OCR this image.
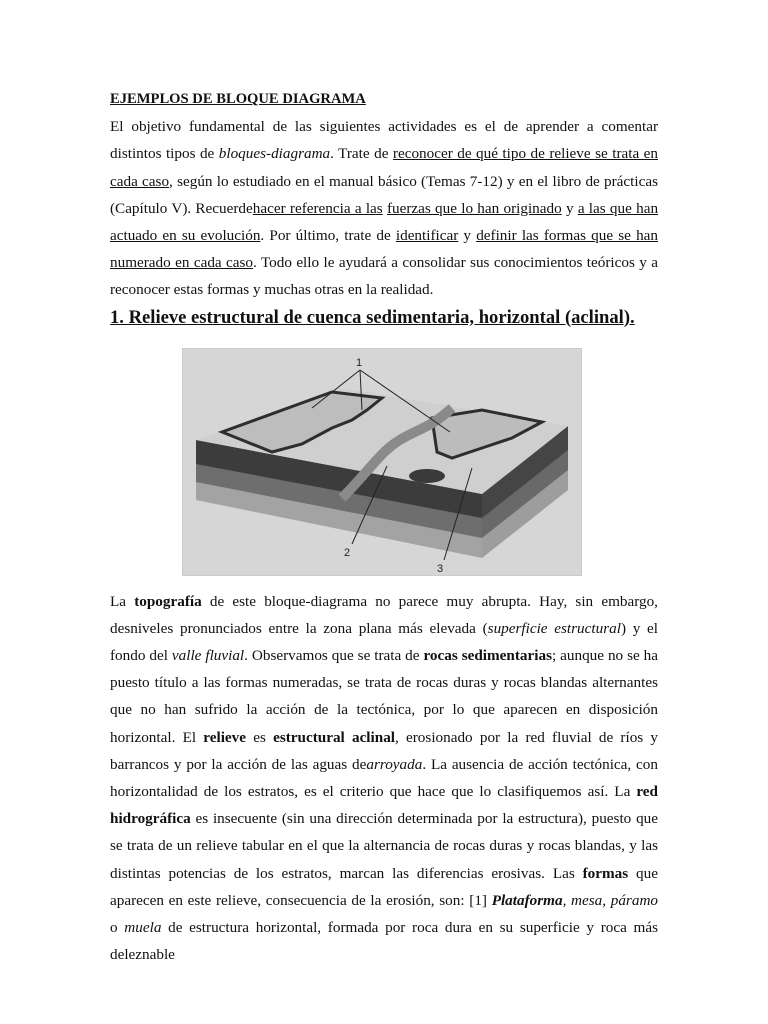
EJEMPLOS DE BLOQUE DIAGRAMA

El objetivo fundamental de las siguientes actividades es el de aprender a comentar distintos tipos de bloques-diagrama. Trate de reconocer de qué tipo de relieve se trata en cada caso, según lo estudiado en el manual básico (Temas 7-12) y en el libro de prácticas (Capítulo V). Recuerdehacer referencia a las fuerzas que lo han originado y a las que han actuado en su evolución. Por último, trate de identificar y definir las formas que se han numerado en cada caso. Todo ello le ayudará a consolidar sus conocimientos teóricos y a reconocer estas formas y muchas otras en la realidad.

1. Relieve estructural de cuenca sedimentaria, horizontal (aclinal).

1
2
3

La topografía de este bloque-diagrama no parece muy abrupta. Hay, sin embargo, desniveles pronunciados entre la zona plana más elevada (superficie estructural) y el fondo del valle fluvial. Observamos que se trata de rocas sedimentarias; aunque no se ha puesto título a las formas numeradas, se trata de rocas duras y rocas blandas alternantes que no han sufrido la acción de la tectónica, por lo que aparecen en disposición horizontal. El relieve es estructural aclinal, erosionado por la red fluvial de ríos y barrancos y por la acción de las aguas dearroyada. La ausencia de acción tectónica, con horizontalidad de los estratos, es el criterio que hace que lo clasifiquemos así. La red hidrográfica es insecuente (sin una dirección determinada por la estructura), puesto que se trata de un relieve tabular en el que la alternancia de rocas duras y rocas blandas, y las distintas potencias de los estratos, marcan las diferencias erosivas. Las formas que aparecen en este relieve, consecuencia de la erosión, son: [1] Plataforma, mesa, páramo o muela de estructura horizontal, formada por roca dura en su superficie y roca más deleznable
